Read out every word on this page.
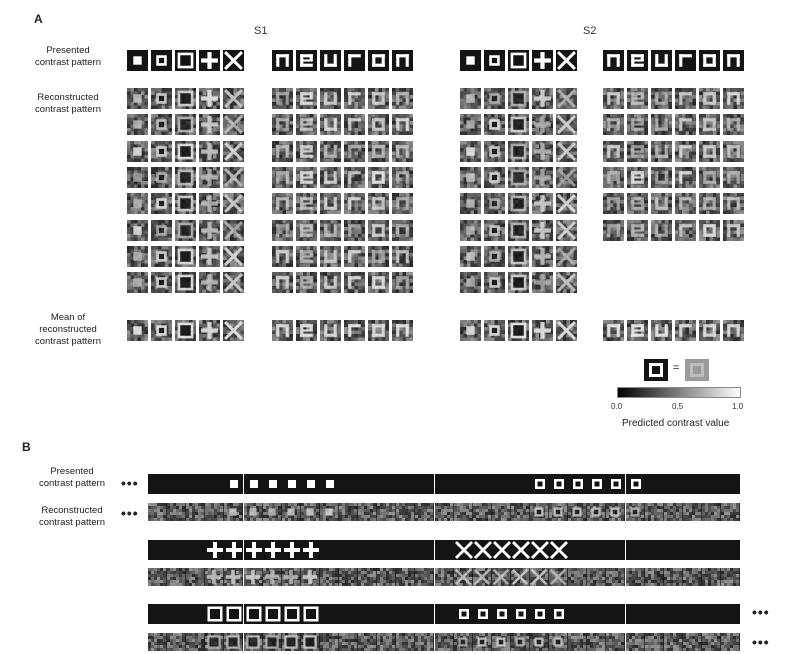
A
S1	S2
Presented
contrast pattern
Reconstructed
contrast pattern
Mean of
reconstructed
contrast pattern
=
0.0	0.5	1.0
Predicted contrast value
B
Presented
contrast pattern
Reconstructed
contrast pattern
•••
•••
•••
•••
